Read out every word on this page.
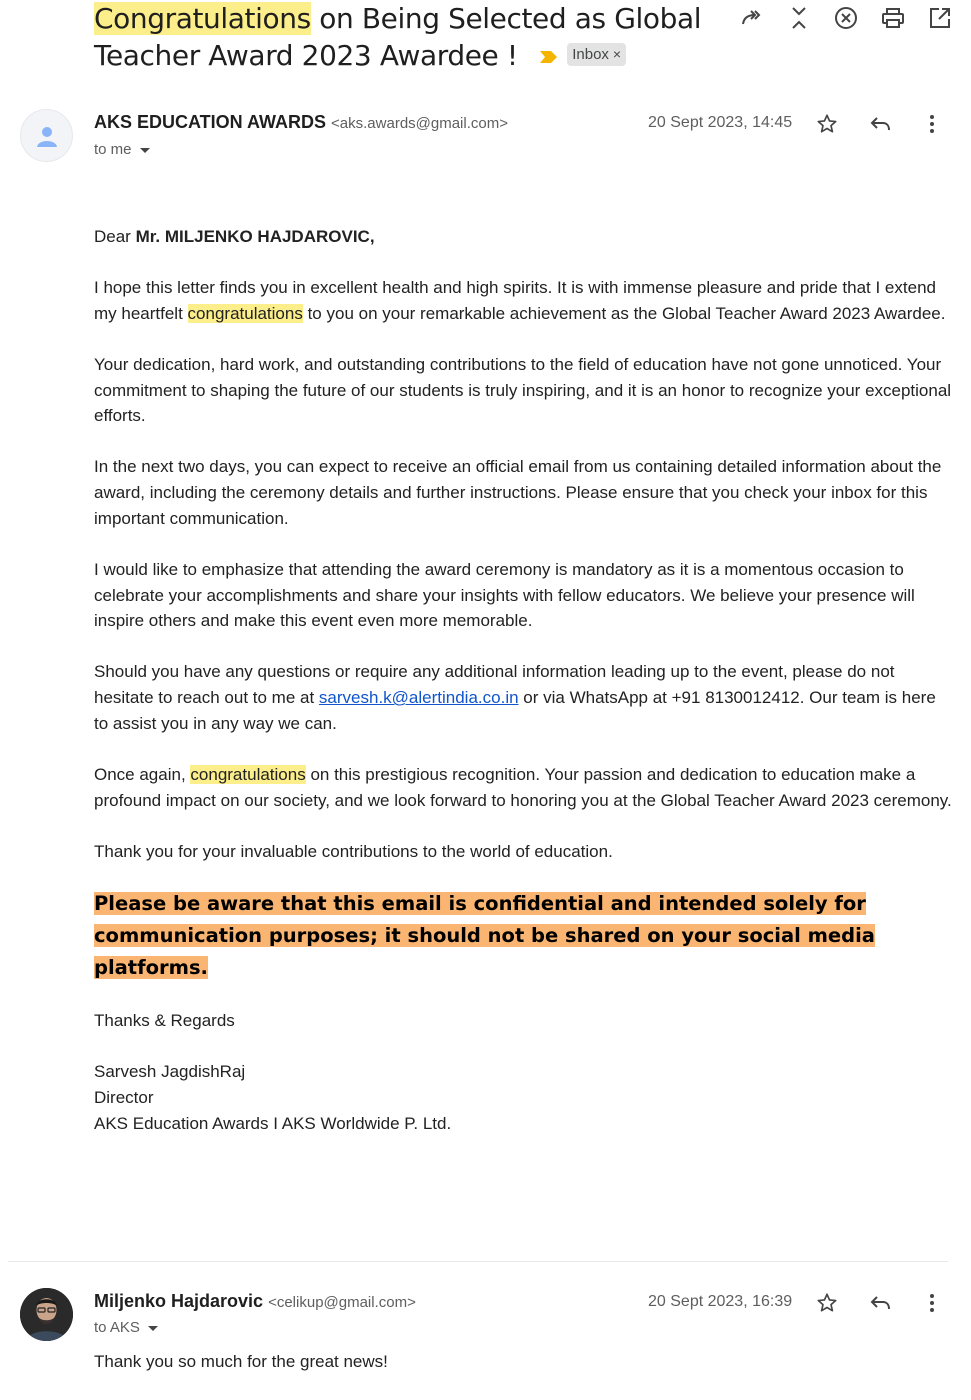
Congratulations on Being Selected as Global Teacher Award 2023 Awardee !	Inbox ×
AKS EDUCATION AWARDS <aks.awards@gmail.com>
to me
20 Sept 2023, 14:45

Dear Mr. MILJENKO HAJDAROVIC,

I hope this letter finds you in excellent health and high spirits. It is with immense pleasure and pride that I extend my heartfelt congratulations to you on your remarkable achievement as the Global Teacher Award 2023 Awardee.

Your dedication, hard work, and outstanding contributions to the field of education have not gone unnoticed. Your commitment to shaping the future of our students is truly inspiring, and it is an honor to recognize your exceptional efforts.

In the next two days, you can expect to receive an official email from us containing detailed information about the award, including the ceremony details and further instructions. Please ensure that you check your inbox for this important communication.

I would like to emphasize that attending the award ceremony is mandatory as it is a momentous occasion to celebrate your accomplishments and share your insights with fellow educators. We believe your presence will inspire others and make this event even more memorable.

Should you have any questions or require any additional information leading up to the event, please do not hesitate to reach out to me at sarvesh.k@alertindia.co.in or via WhatsApp at +91 8130012412. Our team is here to assist you in any way we can.

Once again, congratulations on this prestigious recognition. Your passion and dedication to education make a profound impact on our society, and we look forward to honoring you at the Global Teacher Award 2023 ceremony.

Thank you for your invaluable contributions to the world of education.

Please be aware that this email is confidential and intended solely for communication purposes; it should not be shared on your social media platforms.

Thanks & Regards

Sarvesh JagdishRaj

Director

AKS Education Awards I AKS Worldwide P. Ltd.

Miljenko Hajdarovic <celikup@gmail.com>
to AKS
20 Sept 2023, 16:39
Thank you so much for the great news!
